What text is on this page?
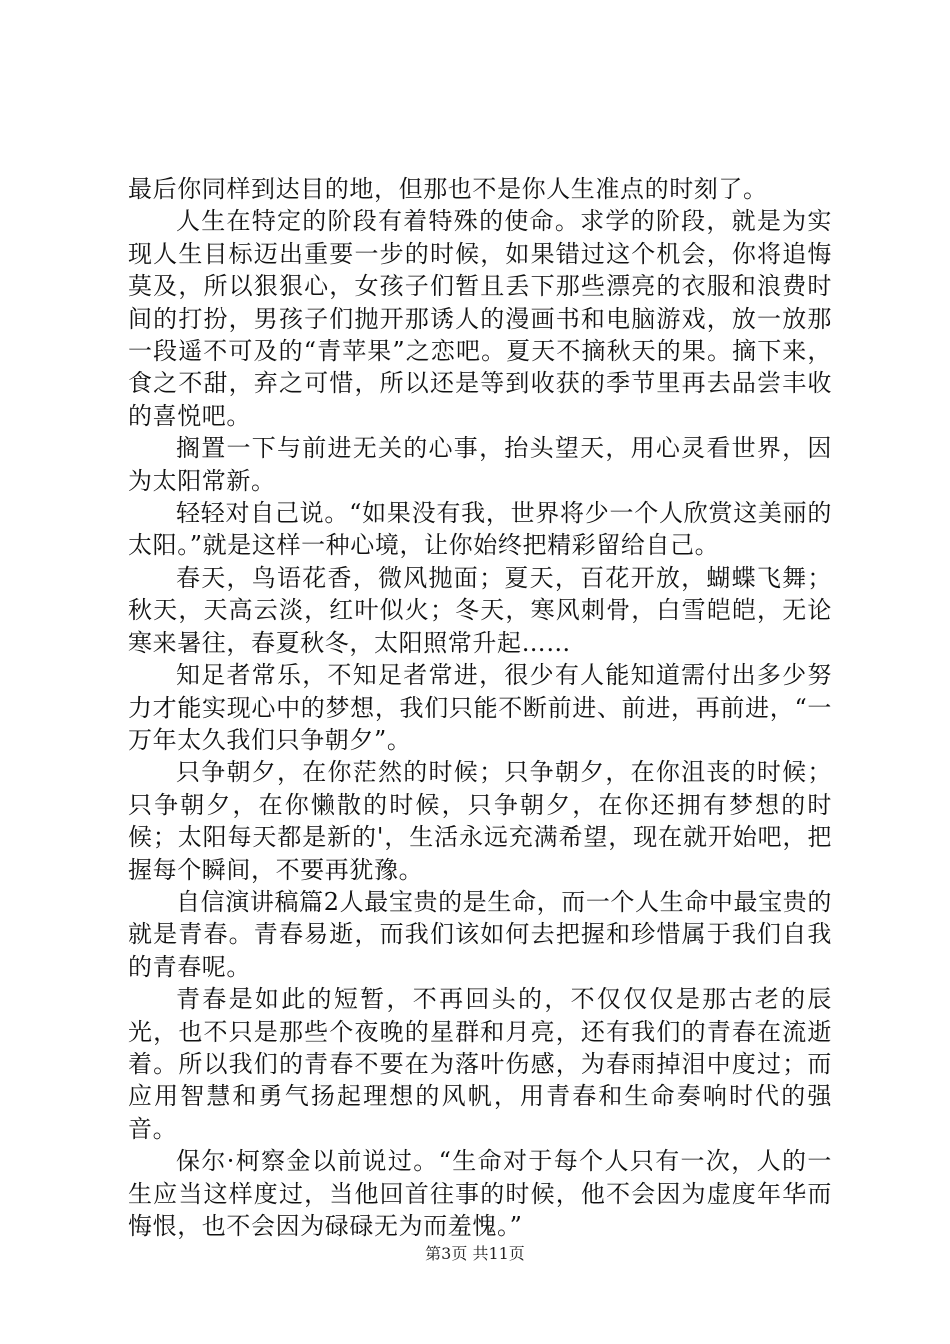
最后你同样到达目的地，但那也不是你人生准点的时刻了。

人生在特定的阶段有着特殊的使命。求学的阶段，就是为实现人生目标迈出重要一步的时候，如果错过这个机会，你将追悔莫及，所以狠狠心，女孩子们暂且丢下那些漂亮的衣服和浪费时间的打扮，男孩子们抛开那诱人的漫画书和电脑游戏，放一放那一段遥不可及的“青苹果”之恋吧。夏天不摘秋天的果。摘下来，食之不甜，弃之可惜，所以还是等到收获的季节里再去品尝丰收的喜悦吧。

搁置一下与前进无关的心事，抬头望天，用心灵看世界，因为太阳常新。

轻轻对自己说。“如果没有我，世界将少一个人欣赏这美丽的太阳。”就是这样一种心境，让你始终把精彩留给自己。

春天，鸟语花香，微风抛面；夏天，百花开放，蝴蝶飞舞；秋天，天高云淡，红叶似火；冬天，寒风刺骨，白雪皑皑，无论寒来暑往，春夏秋冬，太阳照常升起……

知足者常乐，不知足者常进，很少有人能知道需付出多少努力才能实现心中的梦想，我们只能不断前进、前进，再前进，“一万年太久我们只争朝夕”。

只争朝夕，在你茫然的时候；只争朝夕，在你沮丧的时候；只争朝夕，在你懒散的时候，只争朝夕，在你还拥有梦想的时候；太阳每天都是新的'，生活永远充满希望，现在就开始吧，把握每个瞬间，不要再犹豫。

自信演讲稿篇2人最宝贵的是生命，而一个人生命中最宝贵的就是青春。青春易逝，而我们该如何去把握和珍惜属于我们自我的青春呢。

青春是如此的短暂，不再回头的，不仅仅仅是那古老的辰光，也不只是那些个夜晚的星群和月亮，还有我们的青春在流逝着。所以我们的青春不要在为落叶伤感，为春雨掉泪中度过；而应用智慧和勇气扬起理想的风帆，用青春和生命奏响时代的强音。

保尔·柯察金以前说过。“生命对于每个人只有一次，人的一生应当这样度过，当他回首往事的时候，他不会因为虚度年华而悔恨，也不会因为碌碌无为而羞愧。”

第3页 共11页
